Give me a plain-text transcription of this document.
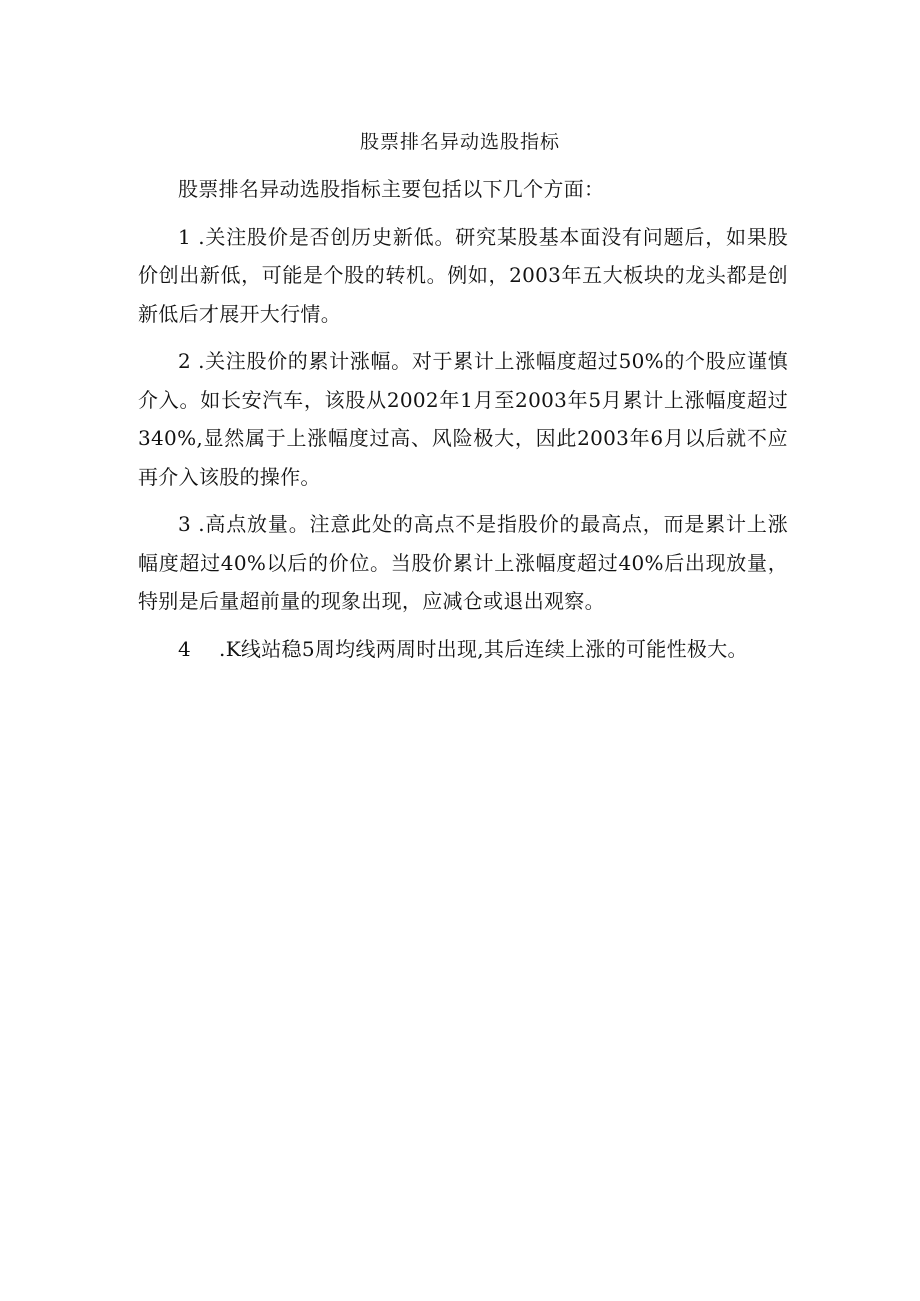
股票排名异动选股指标

股票排名异动选股指标主要包括以下几个方面：

1 .关注股价是否创历史新低。研究某股基本面没有问题后，如果股价创出新低，可能是个股的转机。例如，2003年五大板块的龙头都是创新低后才展开大行情。

2 .关注股价的累计涨幅。对于累计上涨幅度超过50%的个股应谨慎介入。如长安汽车，该股从2002年1月至2003年5月累计上涨幅度超过340%,显然属于上涨幅度过高、风险极大，因此2003年6月以后就不应再介入该股的操作。

3 .高点放量。注意此处的高点不是指股价的最高点，而是累计上涨幅度超过40%以后的价位。当股价累计上涨幅度超过40%后出现放量，特别是后量超前量的现象出现，应减仓或退出观察。

4 .K线站稳5周均线两周时出现,其后连续上涨的可能性极大。
